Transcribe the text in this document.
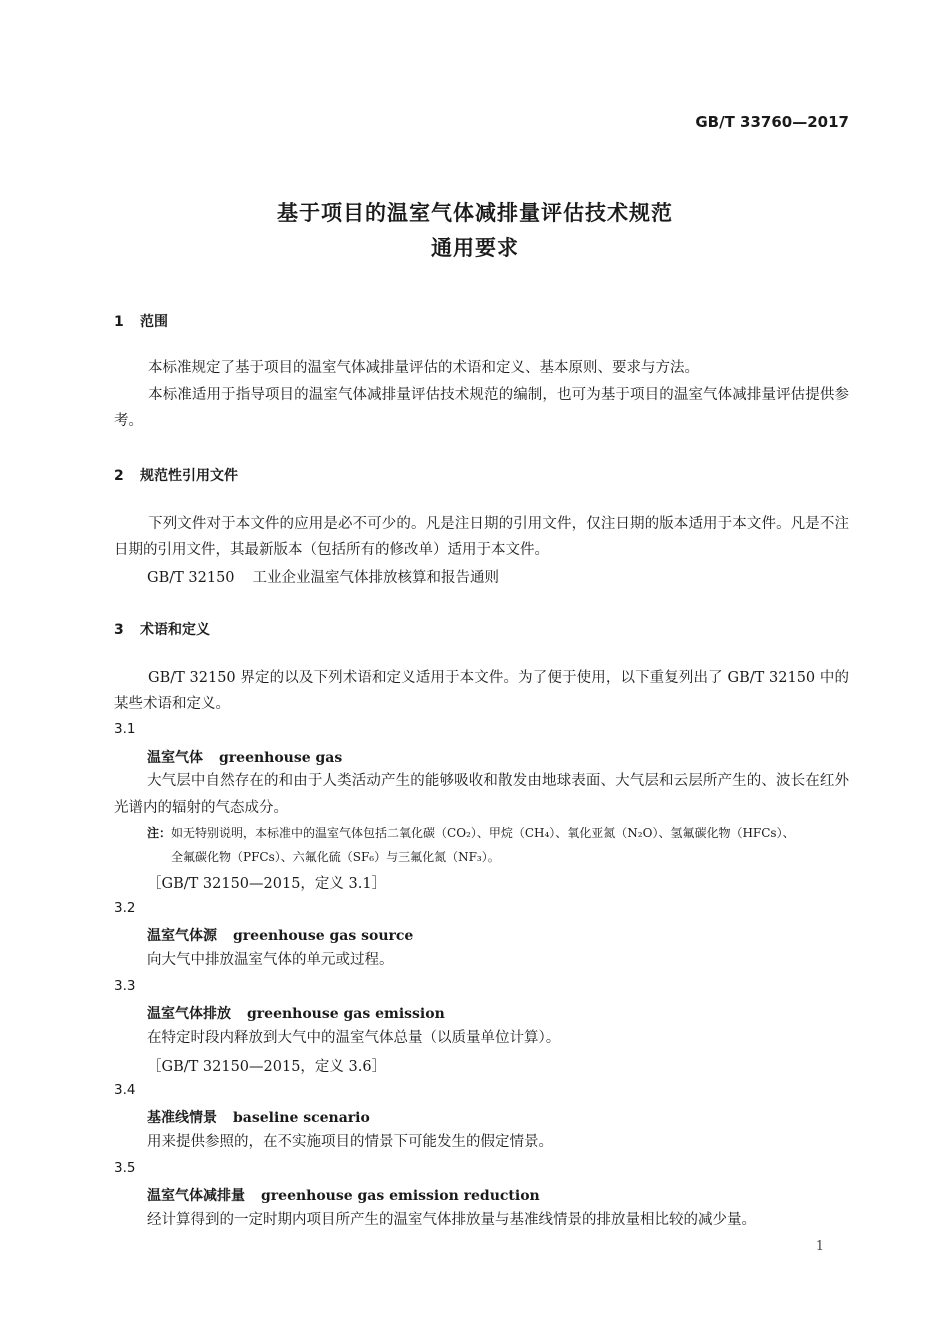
GB/T 33760—2017
基于项目的温室气体减排量评估技术规范
通用要求
1 范围
本标准规定了基于项目的温室气体减排量评估的术语和定义、基本原则、要求与方法。
本标准适用于指导项目的温室气体减排量评估技术规范的编制，也可为基于项目的温室气体减排量评估提供参考。
2 规范性引用文件
下列文件对于本文件的应用是必不可少的。凡是注日期的引用文件，仅注日期的版本适用于本文件。凡是不注日期的引用文件，其最新版本（包括所有的修改单）适用于本文件。
GB/T 32150 工业企业温室气体排放核算和报告通则
3 术语和定义
GB/T 32150 界定的以及下列术语和定义适用于本文件。为了便于使用，以下重复列出了 GB/T 32150 中的某些术语和定义。
3.1
温室气体 greenhouse gas
大气层中自然存在的和由于人类活动产生的能够吸收和散发由地球表面、大气层和云层所产生的、波长在红外光谱内的辐射的气态成分。
注：如无特别说明，本标准中的温室气体包括二氧化碳（CO₂）、甲烷（CH₄）、氧化亚氮（N₂O）、氢氟碳化物（HFCs）、
全氟碳化物（PFCs）、六氟化硫（SF₆）与三氟化氮（NF₃）。
［GB/T 32150—2015，定义 3.1］
3.2
温室气体源 greenhouse gas source
向大气中排放温室气体的单元或过程。
3.3
温室气体排放 greenhouse gas emission
在特定时段内释放到大气中的温室气体总量（以质量单位计算）。
［GB/T 32150—2015，定义 3.6］
3.4
基准线情景 baseline scenario
用来提供参照的，在不实施项目的情景下可能发生的假定情景。
3.5
温室气体减排量 greenhouse gas emission reduction
经计算得到的一定时期内项目所产生的温室气体排放量与基准线情景的排放量相比较的减少量。
1
